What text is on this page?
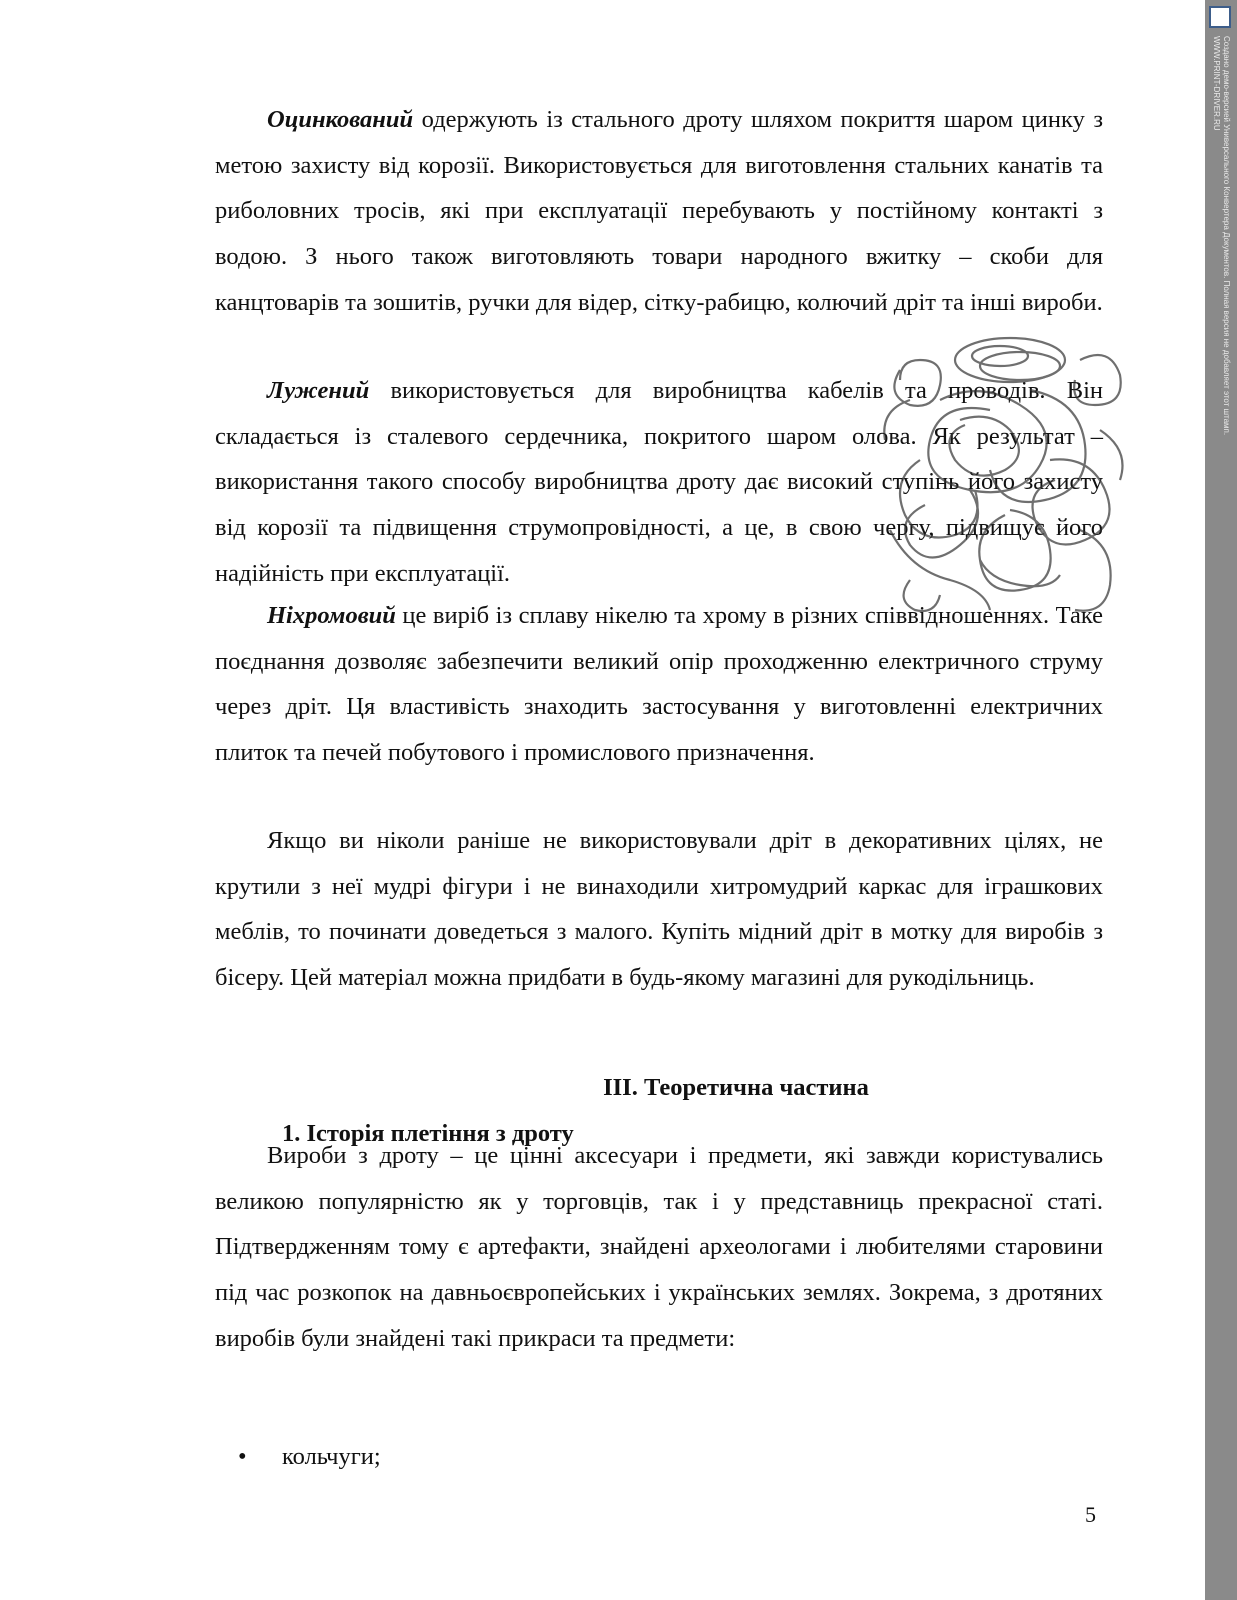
Оцинкований одержують із стального дроту шляхом покриття шаром цинку з метою захисту від корозії. Використовується для виготовлення стальних канатів та риболовних тросів, які при експлуатації перебувають у постійному контакті з водою. З нього також виготовляють товари народного вжитку – скоби для канцтоварів та зошитів, ручки для відер, сітку-рабицю, колючий дріт та інші вироби.

Лужений використовується для виробництва кабелів та проводів. Він складається із сталевого сердечника, покритого шаром олова. Як результат – використання такого способу виробництва дроту дає високий ступінь його захисту від корозії та підвищення струмопровідності, а це, в свою чергу, підвищує його надійність при експлуатації.

Ніхромовий це виріб із сплаву нікелю та хрому в різних співвідношеннях. Таке поєднання дозволяє забезпечити великий опір проходженню електричного струму через дріт. Ця властивість знаходить застосування у виготовленні електричних плиток та печей побутового і промислового призначення.

Якщо ви ніколи раніше не використовували дріт в декоративних цілях, не крутили з неї мудрі фігури і не винаходили хитромудрий каркас для іграшкових меблів, то починати доведеться з малого. Купіть мідний дріт в мотку для виробів з бісеру. Цей матеріал можна придбати в будь-якому магазині для рукодільниць.

ІІІ. Теоретична частина

1. Історія плетіння з дроту

Вироби з дроту – це цінні аксесуари і предмети, які завжди користувались великою популярністю як у торговців, так і у представниць прекрасної статі. Підтвердженням тому є артефакти, знайдені археологами і любителями старовини під час розкопок на давньоєвропейських і українських землях. Зокрема, з дротяних виробів були знайдені такі прикраси та предмети:

• кольчуги;
5
Создано демо-версией Универсального Конвертера Документов. Полная версия не добавляет этот штамп.
WWW.PRINT-DRIVER.RU
